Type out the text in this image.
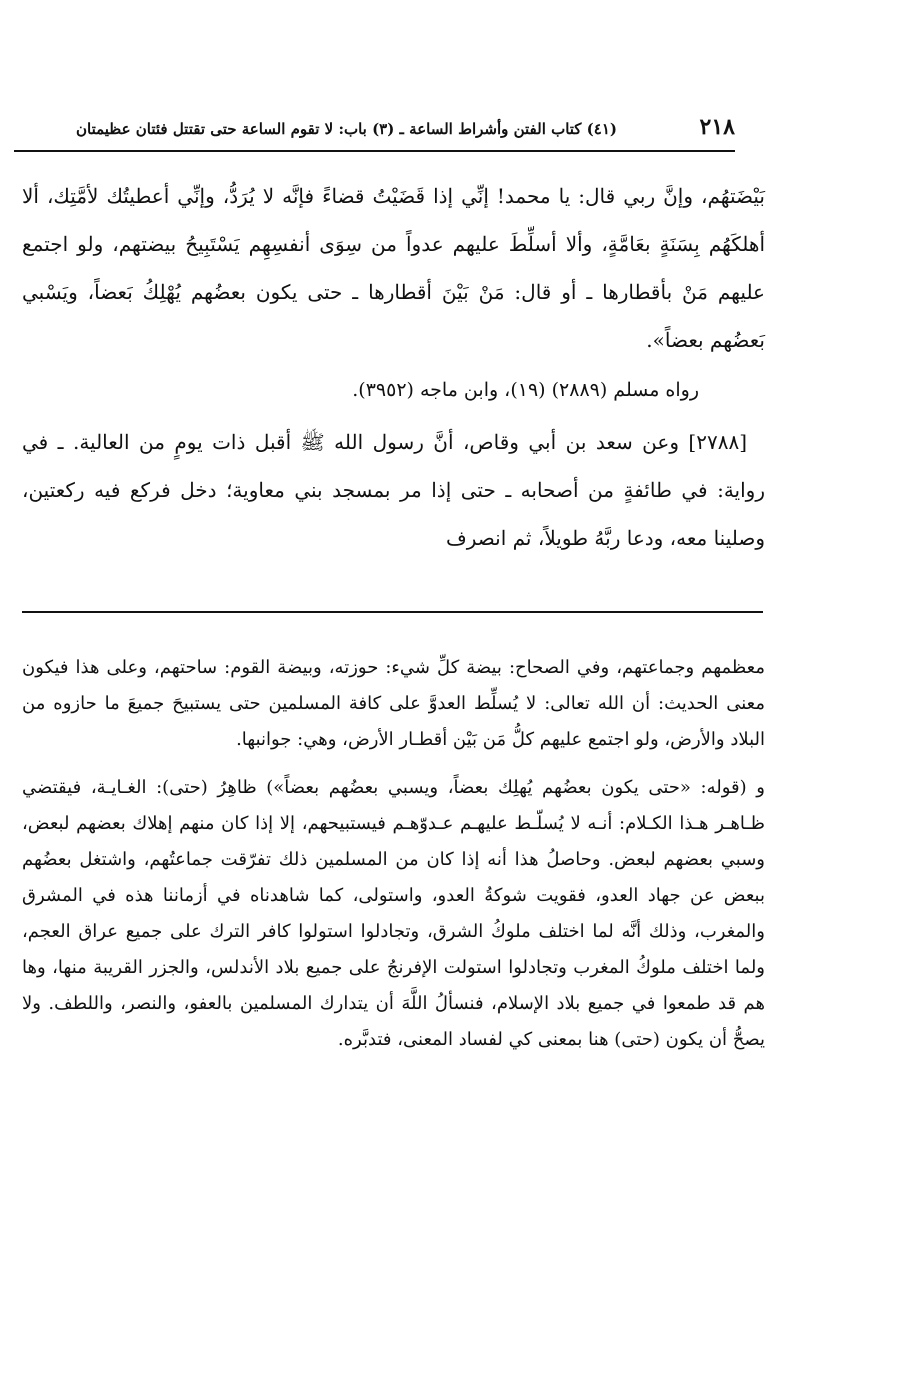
٢١٨
(٤١) كتاب الفتن وأشراط الساعة ـ (٣) باب: لا تقوم الساعة حتى تقتتل فئتان عظيمتان

بَيْضَتهُم، وإنَّ ربي قال: يا محمد! إنِّي إذا قَضَيْتُ قضاءً فإنَّه لا يُرَدُّ، وإنِّي أعطيتُك لأمَّتِك، ألا أهلكَهُم بِسَنَةٍ بعَامَّةٍ، وألا أسلِّطَ عليهم عدواً من سِوَى أنفسِهِم يَسْتَبِيحُ بيضتهم، ولو اجتمع عليهم مَنْ بأقطارها ـ أو قال: مَنْ بَيْنَ أقطارها ـ حتى يكون بعضُهم يُهْلِكُ بَعضاً، ويَسْبي بَعضُهم بعضاً».

رواه مسلم (٢٨٨٩) (١٩)، وابن ماجه (٣٩٥٢).

[٢٧٨٨] وعن سعد بن أبي وقاص، أنَّ رسول الله ﷺ أقبل ذات يومٍ من العالية. ـ في رواية: في طائفةٍ من أصحابه ـ حتى إذا مر بمسجد بني معاوية؛ دخل فركع فيه ركعتين، وصلينا معه، ودعا ربَّهُ طويلاً، ثم انصرف

معظمهم وجماعتهم، وفي الصحاح: بيضة كلِّ شيء: حوزته، وبيضة القوم: ساحتهم، وعلى هذا فيكون معنى الحديث: أن الله تعالى: لا يُسلِّط العدوَّ على كافة المسلمين حتى يستبيحَ جميعَ ما حازوه من البلاد والأرض، ولو اجتمع عليهم كلُّ مَن بَيْن أقطـار الأرض، وهي: جوانبها.

و (قوله: «حتى يكون بعضُهم يُهلِك بعضاً، ويسبي بعضُهم بعضاً») ظاهِرُ (حتى): الغـايـة، فيقتضي ظـاهـر هـذا الكـلام: أنـه لا يُسلّـط عليهـم عـدوّهـم فيستبيحهم، إلا إذا كان منهم إهلاك بعضهم لبعض، وسبي بعضهم لبعض. وحاصلُ هذا أنه إذا كان من المسلمين ذلك تفرّقت جماعتُهم، واشتغل بعضُهم ببعض عن جهاد العدو، فقويت شوكةُ العدو، واستولى، كما شاهدناه في أزماننا هذه في المشرق والمغرب، وذلك أنَّه لما اختلف ملوكُ الشرق، وتجادلوا استولوا كافر الترك على جميع عراق العجم، ولما اختلف ملوكُ المغرب وتجادلوا استولت الإفرنجُ على جميع بلاد الأندلس، والجزر القريبة منها، وها هم قد طمعوا في جميع بلاد الإسلام، فنسألُ اللَّهَ أن يتدارك المسلمين بالعفو، والنصر، واللطف. ولا يصحُّ أن يكون (حتى) هنا بمعنى كي لفساد المعنى، فتدبَّره.
